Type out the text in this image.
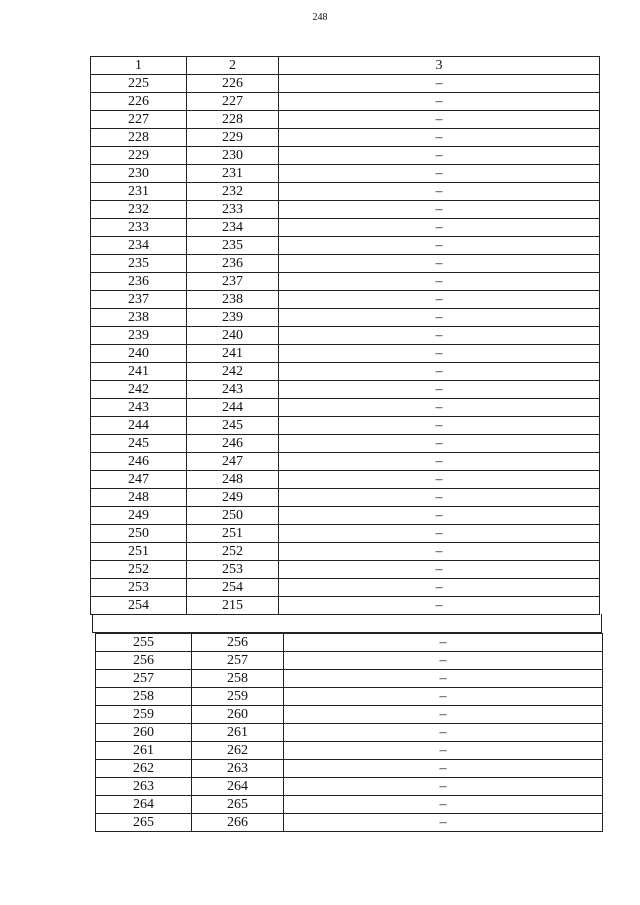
248
1	2	3
225	226	–
226	227	–
227	228	–
228	229	–
229	230	–
230	231	–
231	232	–
232	233	–
233	234	–
234	235	–
235	236	–
236	237	–
237	238	–
238	239	–
239	240	–
240	241	–
241	242	–
242	243	–
243	244	–
244	245	–
245	246	–
246	247	–
247	248	–
248	249	–
249	250	–
250	251	–
251	252	–
252	253	–
253	254	–
254	215	–
255	256	–
256	257	–
257	258	–
258	259	–
259	260	–
260	261	–
261	262	–
262	263	–
263	264	–
264	265	–
265	266	–
